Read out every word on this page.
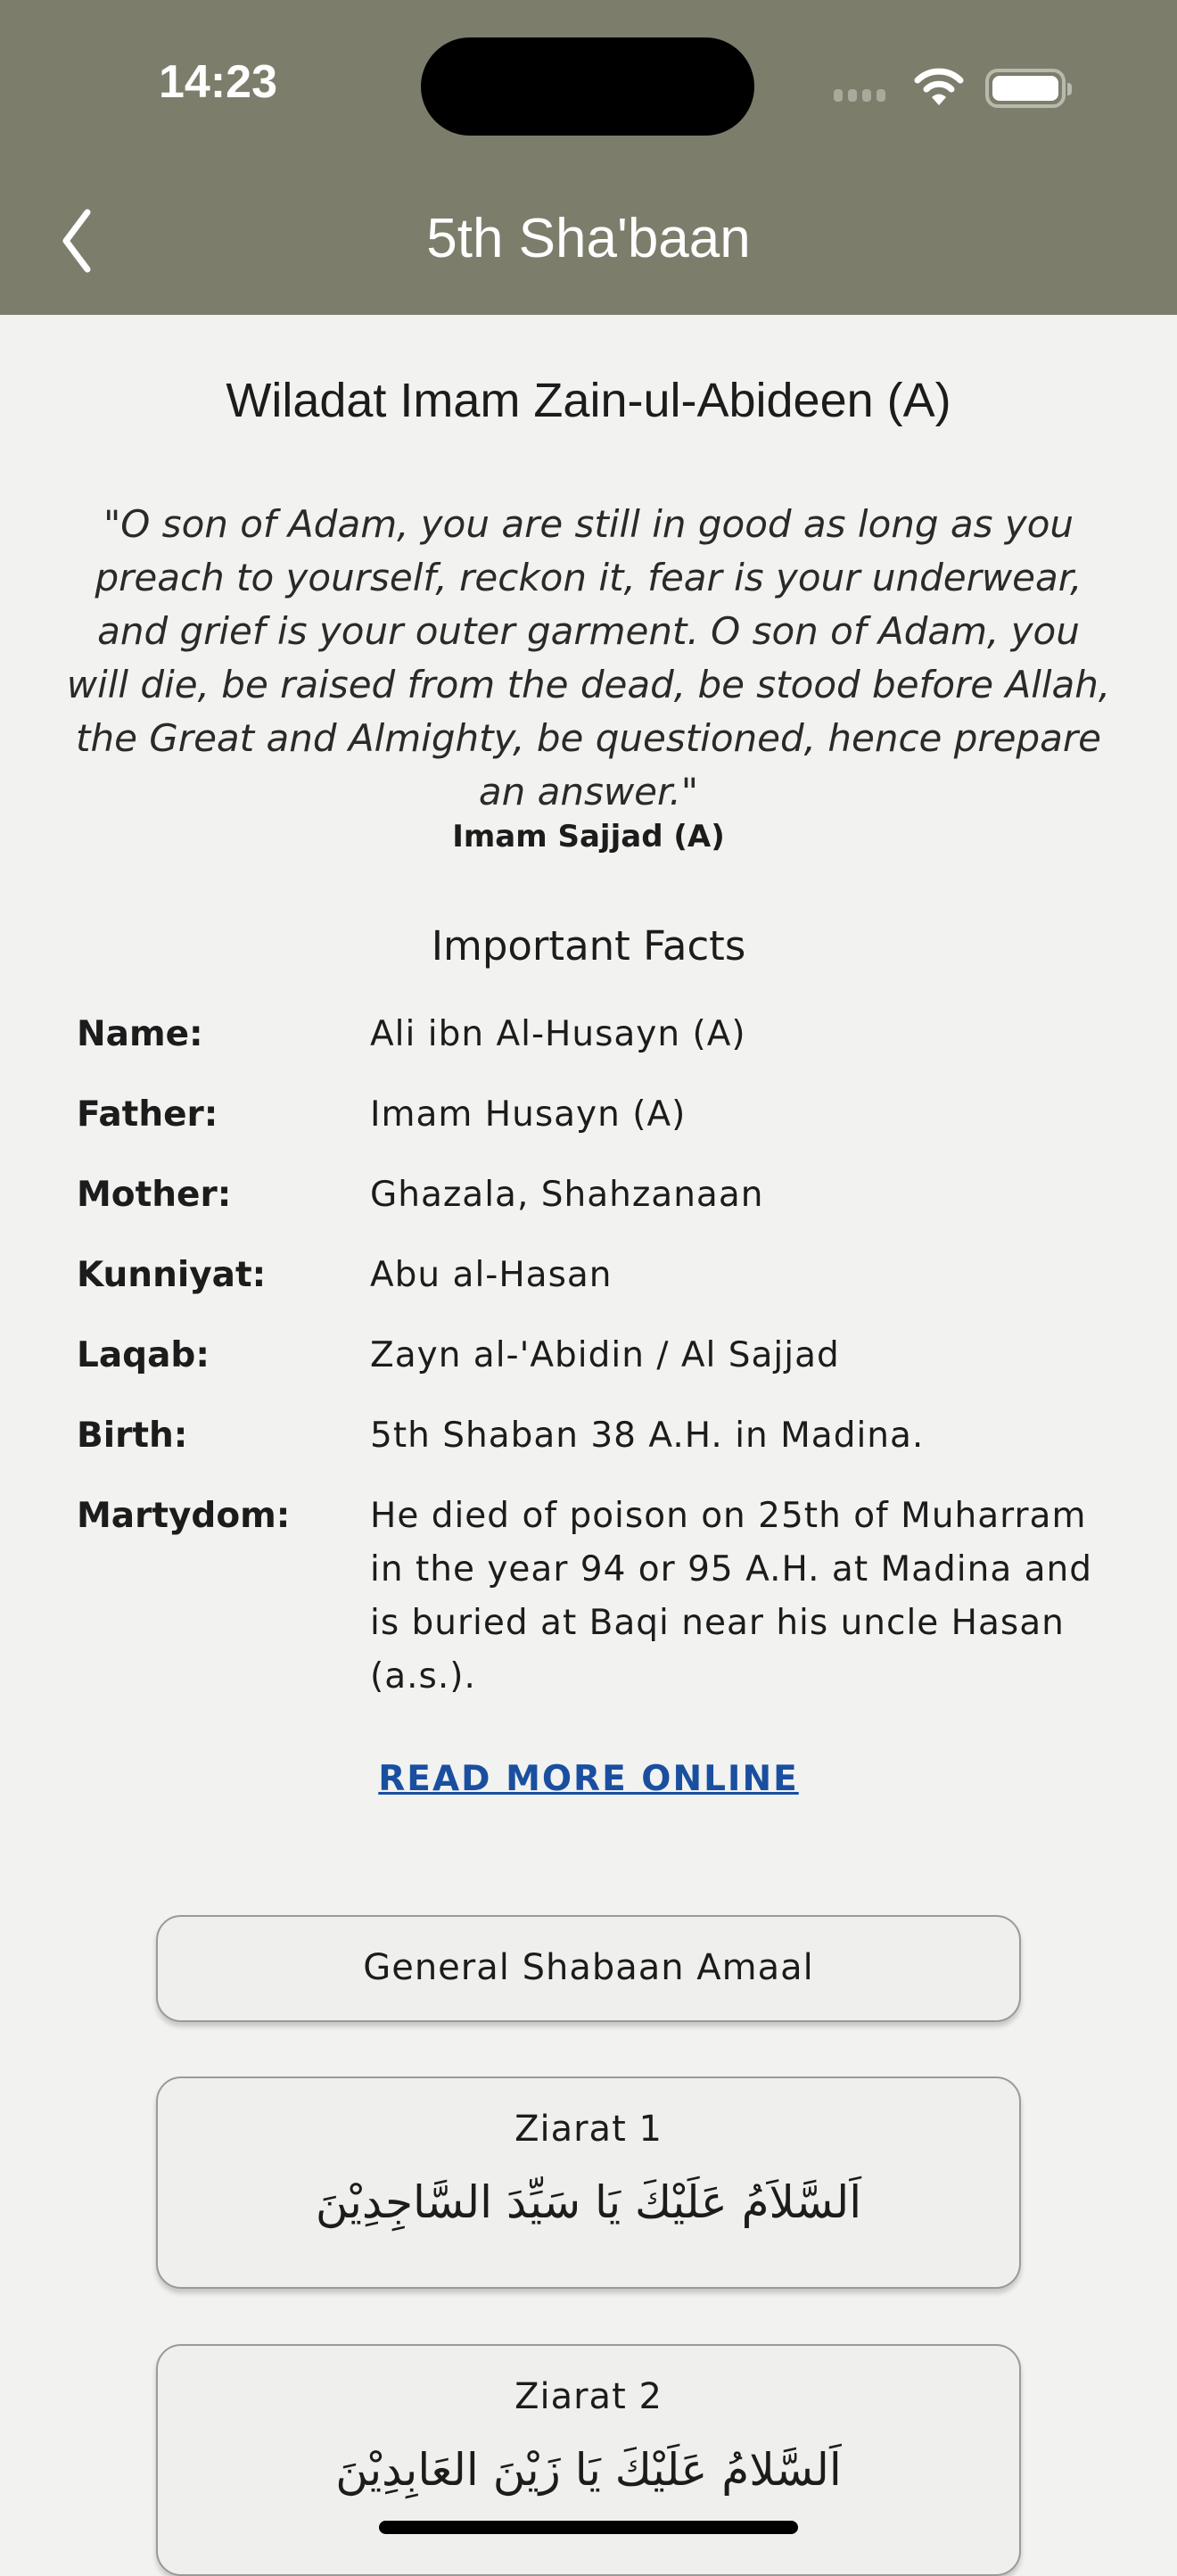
14:23
5th Sha'baan
Wiladat Imam Zain-ul-Abideen (A)
"O son of Adam, you are still in good as long as you preach to yourself, reckon it, fear is your underwear, and grief is your outer garment. O son of Adam, you will die, be raised from the dead, be stood before Allah, the Great and Almighty, be questioned, hence prepare an answer."
Imam Sajjad (A)
Important Facts
Name:	Ali ibn Al-Husayn (A)
Father:	Imam Husayn (A)
Mother:	Ghazala, Shahzanaan
Kunniyat:	Abu al-Hasan
Laqab:	Zayn al-'Abidin / Al Sajjad
Birth:	5th Shaban 38 A.H. in Madina.
Martydom:	He died of poison on 25th of Muharram in the year 94 or 95 A.H. at Madina and is buried at Baqi near his uncle Hasan (a.s.).
READ MORE ONLINE
General Shabaan Amaal
Ziarat 1
اَلسَّلاَمُ عَلَيْكَ يَا سَيِّدَ السَّاجِدِيْنَ
Ziarat 2
اَلسَّلامُ عَلَيْكَ يَا زَيْنَ العَابِدِيْنَ
